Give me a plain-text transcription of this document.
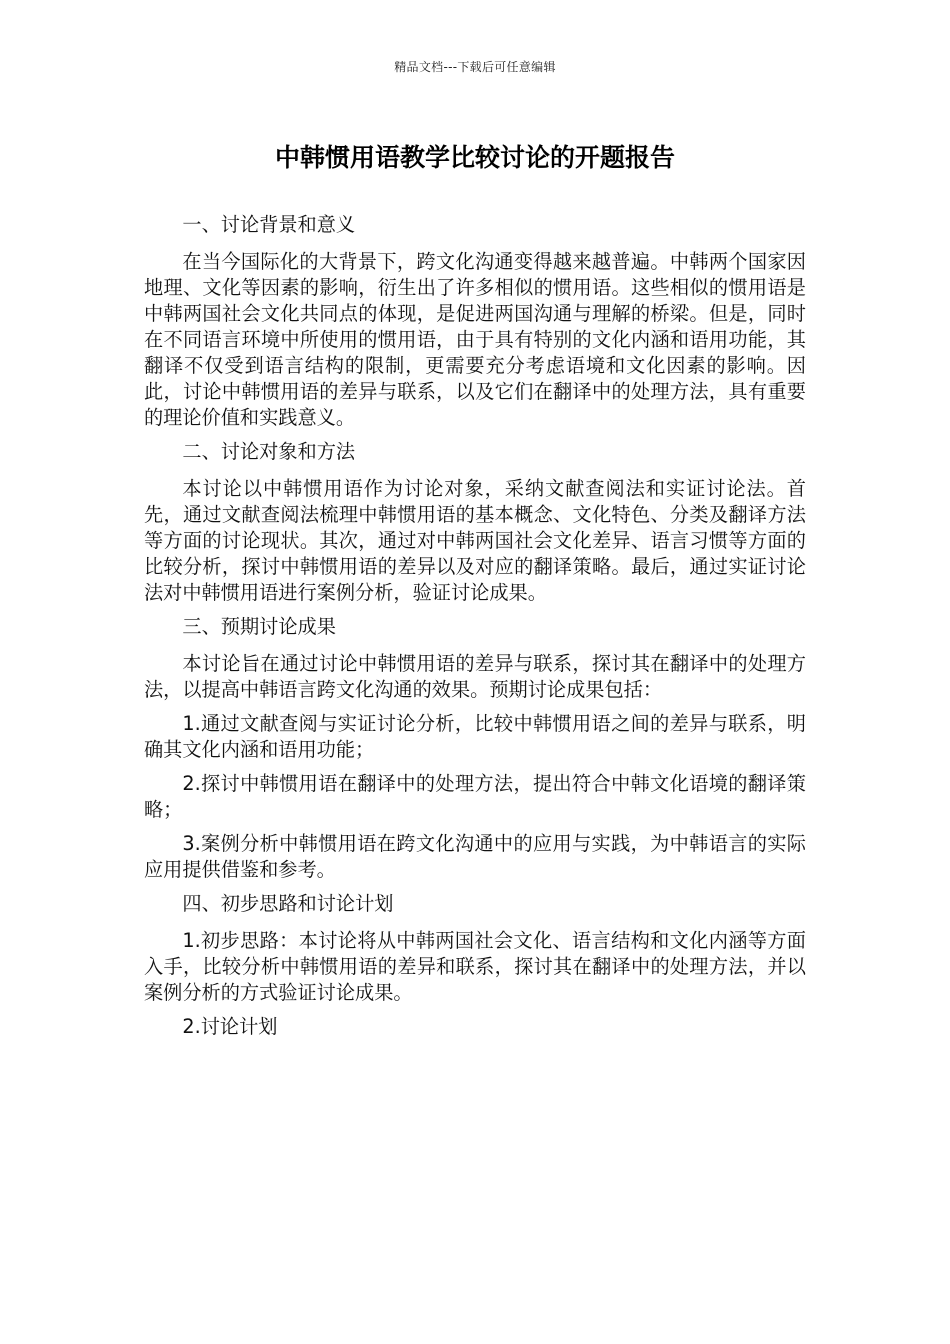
精品文档---下载后可任意编辑
中韩惯用语教学比较讨论的开题报告

一、讨论背景和意义

在当今国际化的大背景下，跨文化沟通变得越来越普遍。中韩两个国家因地理、文化等因素的影响，衍生出了许多相似的惯用语。这些相似的惯用语是中韩两国社会文化共同点的体现，是促进两国沟通与理解的桥梁。但是，同时在不同语言环境中所使用的惯用语，由于具有特别的文化内涵和语用功能，其翻译不仅受到语言结构的限制，更需要充分考虑语境和文化因素的影响。因此，讨论中韩惯用语的差异与联系，以及它们在翻译中的处理方法，具有重要的理论价值和实践意义。

二、讨论对象和方法

本讨论以中韩惯用语作为讨论对象，采纳文献查阅法和实证讨论法。首先，通过文献查阅法梳理中韩惯用语的基本概念、文化特色、分类及翻译方法等方面的讨论现状。其次，通过对中韩两国社会文化差异、语言习惯等方面的比较分析，探讨中韩惯用语的差异以及对应的翻译策略。最后，通过实证讨论法对中韩惯用语进行案例分析，验证讨论成果。

三、预期讨论成果

本讨论旨在通过讨论中韩惯用语的差异与联系，探讨其在翻译中的处理方法，以提高中韩语言跨文化沟通的效果。预期讨论成果包括：

1.通过文献查阅与实证讨论分析，比较中韩惯用语之间的差异与联系，明确其文化内涵和语用功能；

2.探讨中韩惯用语在翻译中的处理方法，提出符合中韩文化语境的翻译策略；

3.案例分析中韩惯用语在跨文化沟通中的应用与实践，为中韩语言的实际应用提供借鉴和参考。

四、初步思路和讨论计划

1.初步思路：本讨论将从中韩两国社会文化、语言结构和文化内涵等方面入手，比较分析中韩惯用语的差异和联系，探讨其在翻译中的处理方法，并以案例分析的方式验证讨论成果。

2.讨论计划
